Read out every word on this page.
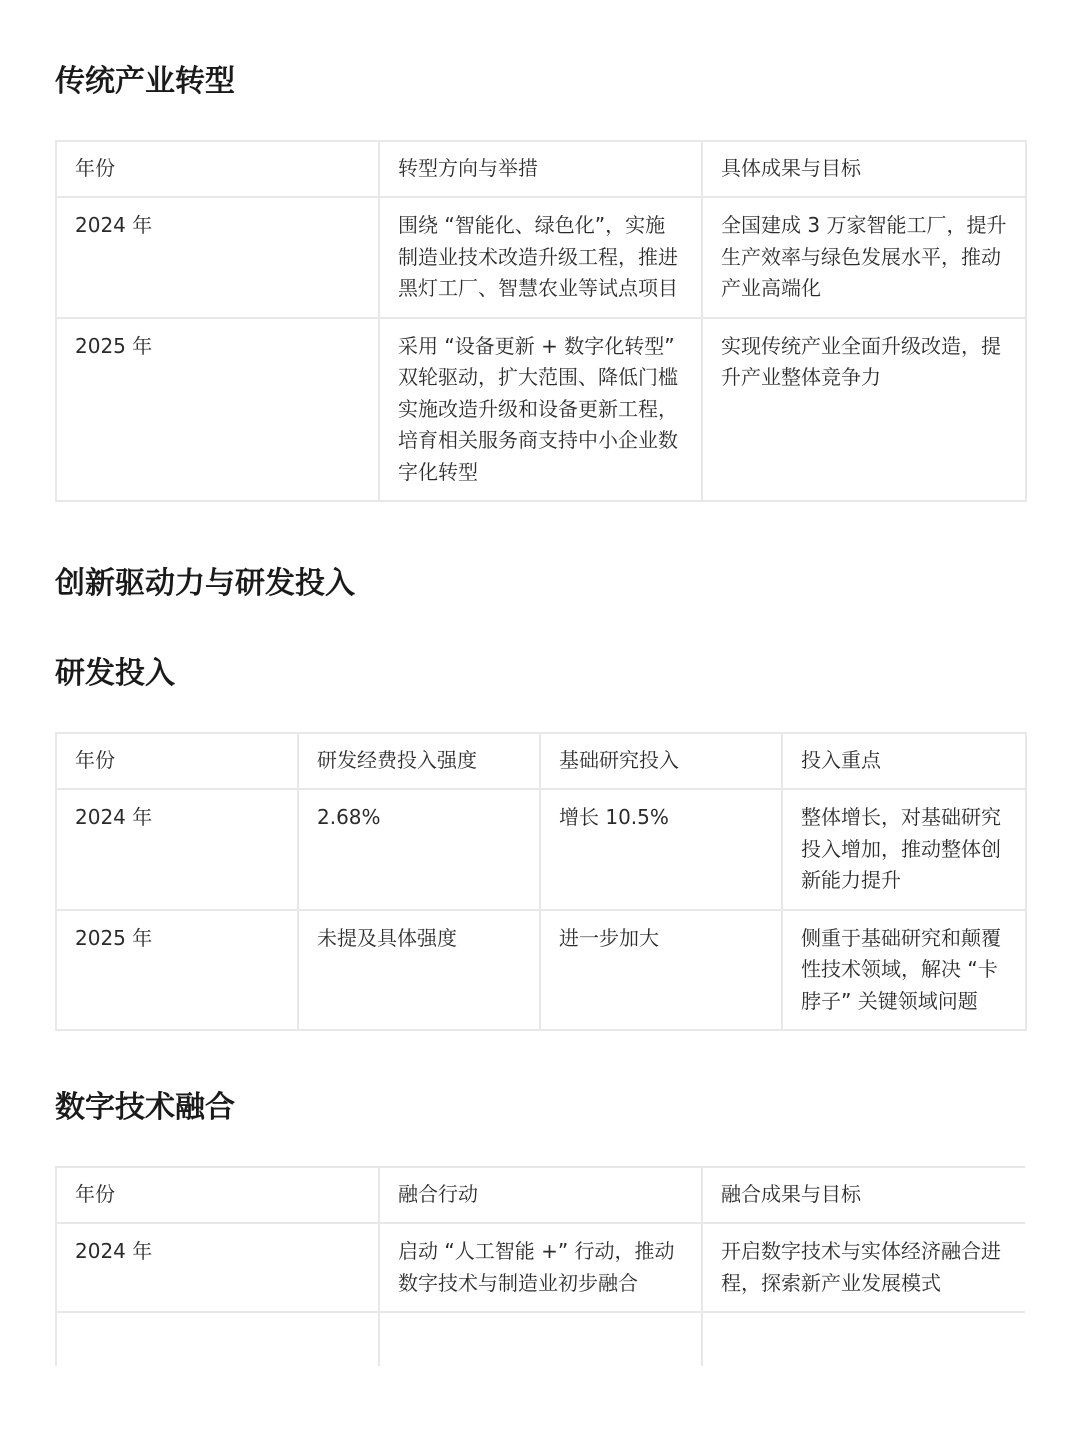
传统产业转型
年份	转型方向与举措	具体成果与目标
2024 年	围绕 “智能化、绿色化”，实施制造业技术改造升级工程，推进黑灯工厂、智慧农业等试点项目	全国建成 3 万家智能工厂，提升生产效率与绿色发展水平，推动产业高端化
2025 年	采用 “设备更新 + 数字化转型” 双轮驱动，扩大范围、降低门槛实施改造升级和设备更新工程，培育相关服务商支持中小企业数字化转型	实现传统产业全面升级改造，提升产业整体竞争力
创新驱动力与研发投入
研发投入
年份	研发经费投入强度	基础研究投入	投入重点
2024 年	2.68%	增长 10.5%	整体增长，对基础研究投入增加，推动整体创新能力提升
2025 年	未提及具体强度	进一步加大	侧重于基础研究和颠覆性技术领域，解决 “卡脖子” 关键领域问题
数字技术融合
年份	融合行动	融合成果与目标
2024 年	启动 “人工智能 +” 行动，推动数字技术与制造业初步融合	开启数字技术与实体经济融合进程，探索新产业发展模式
